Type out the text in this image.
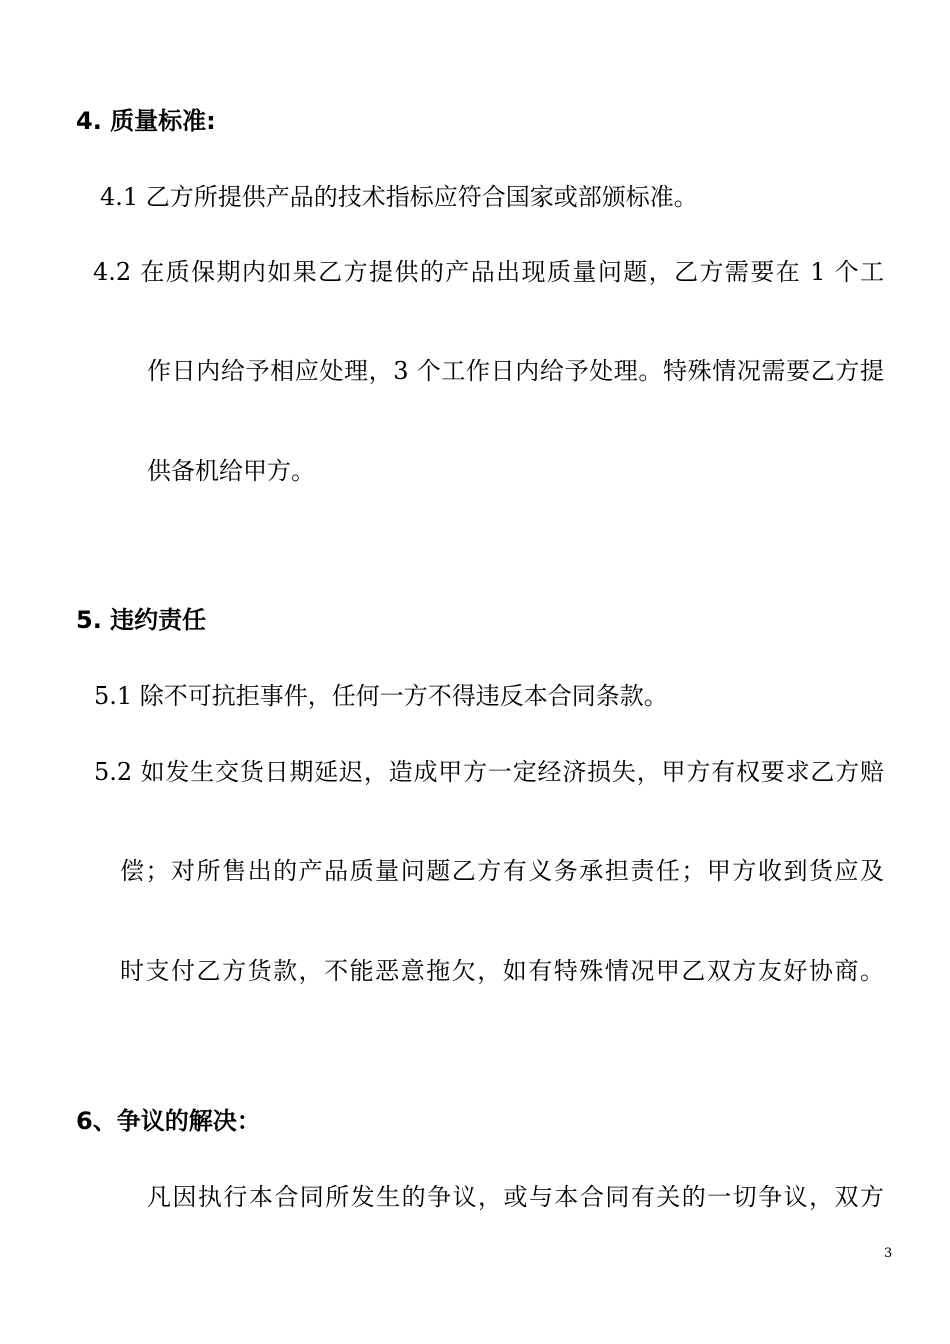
4. 质量标准:
4.1 乙方所提供产品的技术指标应符合国家或部颁标准。
4.2 在质保期内如果乙方提供的产品出现质量问题，乙方需要在 1 个工
作日内给予相应处理，3 个工作日内给予处理。特殊情况需要乙方提
供备机给甲方。
5. 违约责任
5.1 除不可抗拒事件，任何一方不得违反本合同条款。
5.2 如发生交货日期延迟，造成甲方一定经济损失，甲方有权要求乙方赔
偿；对所售出的产品质量问题乙方有义务承担责任；甲方收到货应及
时支付乙方货款，不能恶意拖欠，如有特殊情况甲乙双方友好协商。
6、争议的解决：
凡因执行本合同所发生的争议，或与本合同有关的一切争议，双方
3
